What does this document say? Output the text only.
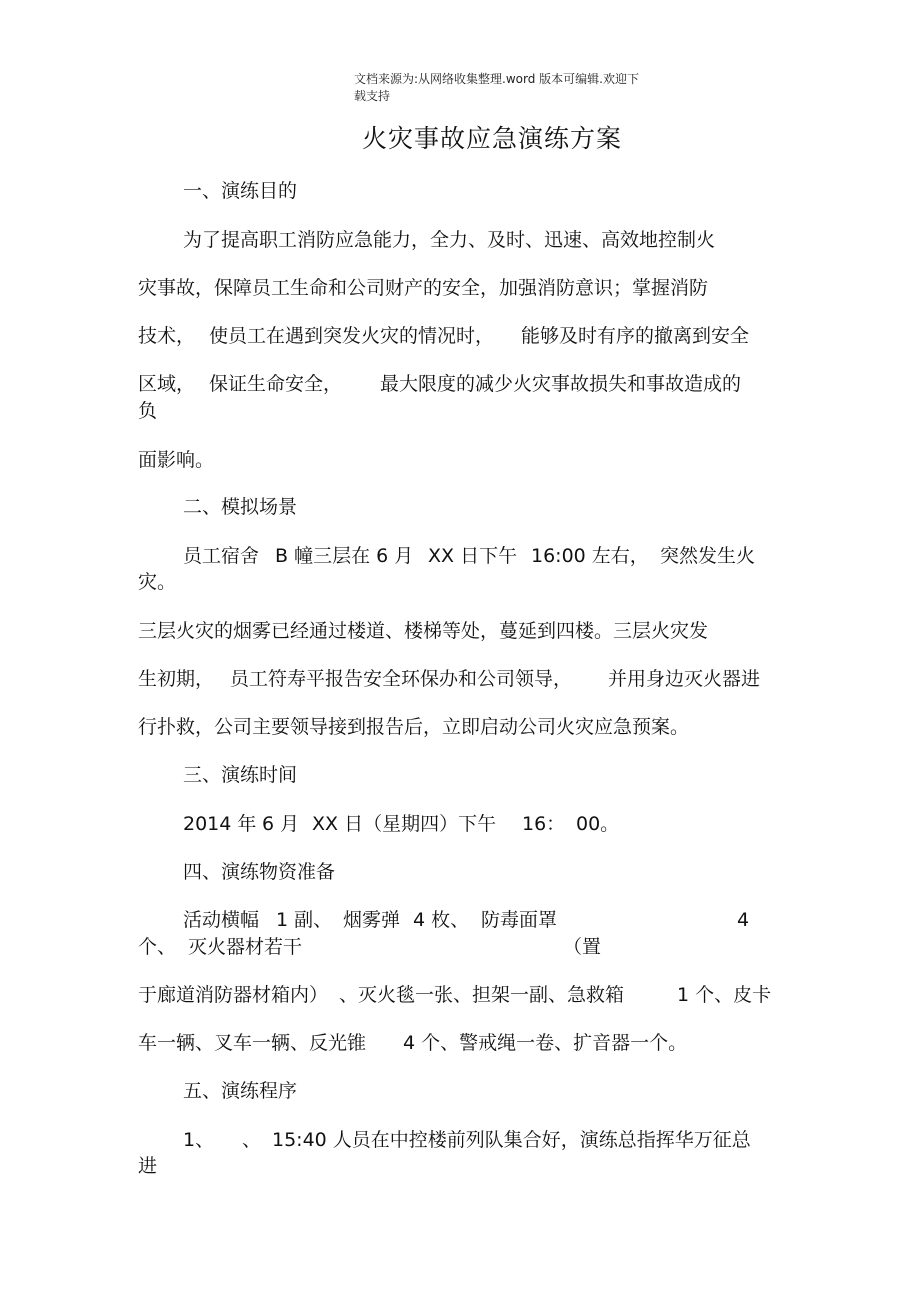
文档来源为:从网络收集整理.word 版本可编辑.欢迎下
载支持
火灾事故应急演练方案
一、演练目的
为了提高职工消防应急能力，全力、及时、迅速、高效地控制火
灾事故，保障员工生命和公司财产的安全，加强消防意识；掌握消防
技术， 使员工在遇到突发火灾的情况时， 能够及时有序的撤离到安全
区域， 保证生命安全， 最大限度的减少火灾事故损失和事故造成的
负
面影响。
二、模拟场景
员工宿舍 B 幢三层在 6 月 XX 日下午 16:00 左右， 突然发生火
灾。
三层火灾的烟雾已经通过楼道、楼梯等处，蔓延到四楼。三层火灾发
生初期， 员工符寿平报告安全环保办和公司领导， 并用身边灭火器进
行扑救，公司主要领导接到报告后，立即启动公司火灾应急预案。
三、演练时间
2014 年 6 月 XX 日（星期四）下午 16： 00。
四、演练物资准备
活动横幅 1 副、 烟雾弹 4 枚、 防毒面罩	4
个、 灭火器材若干	（置
于廊道消防器材箱内） 、灭火毯一张、担架一副、急救箱	1 个、皮卡
车一辆、叉车一辆、反光锥 4 个、警戒绳一卷、扩音器一个。
五、演练程序
1、 、 15:40 人员在中控楼前列队集合好，演练总指挥华万征总
进
